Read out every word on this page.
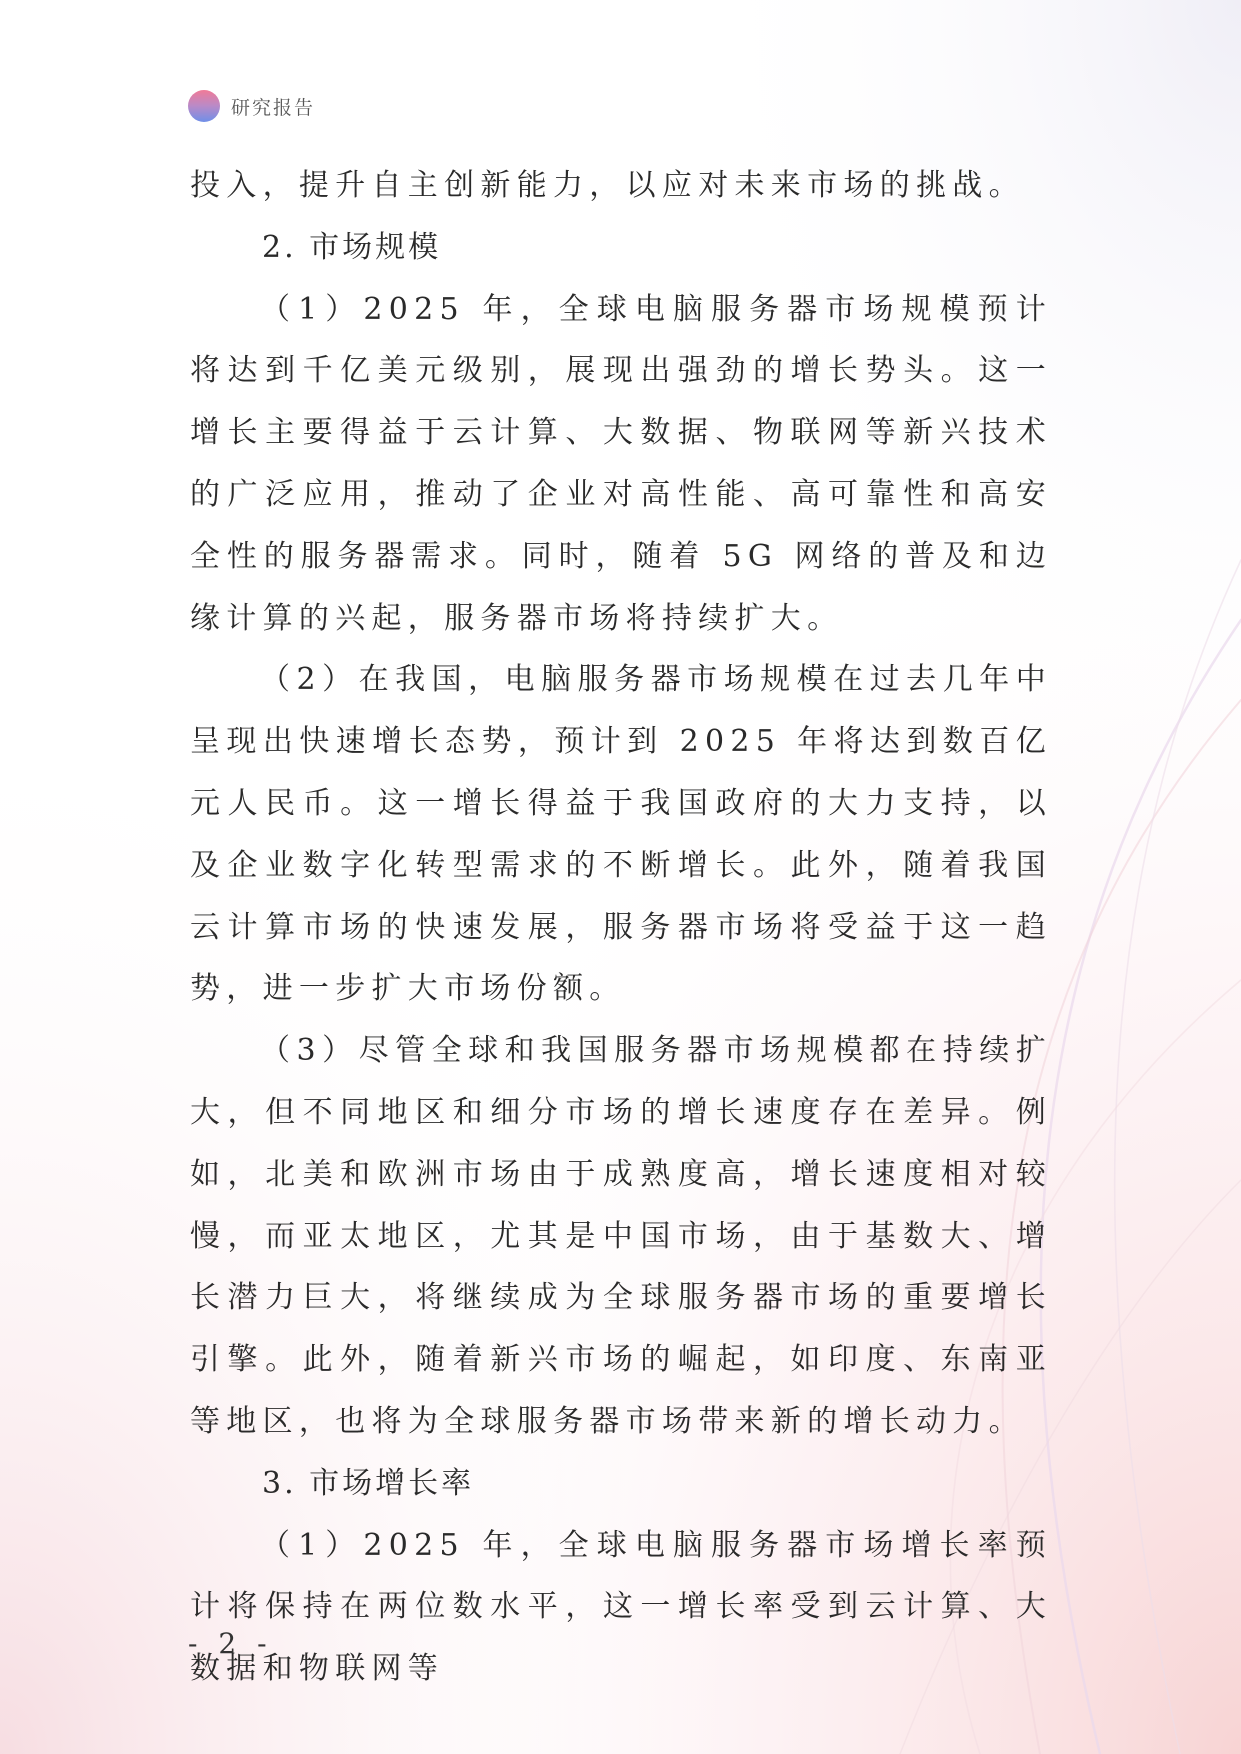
研究报告

投入，提升自主创新能力，以应对未来市场的挑战。

2. 市场规模

（1）2025 年，全球电脑服务器市场规模预计将达到千亿美元级别，展现出强劲的增长势头。这一增长主要得益于云计算、大数据、物联网等新兴技术的广泛应用，推动了企业对高性能、高可靠性和高安全性的服务器需求。同时，随着 5G 网络的普及和边缘计算的兴起，服务器市场将持续扩大。

（2）在我国，电脑服务器市场规模在过去几年中呈现出快速增长态势，预计到 2025 年将达到数百亿元人民币。这一增长得益于我国政府的大力支持，以及企业数字化转型需求的不断增长。此外，随着我国云计算市场的快速发展，服务器市场将受益于这一趋势，进一步扩大市场份额。

（3）尽管全球和我国服务器市场规模都在持续扩大，但不同地区和细分市场的增长速度存在差异。例如，北美和欧洲市场由于成熟度高，增长速度相对较慢，而亚太地区，尤其是中国市场，由于基数大、增长潜力巨大，将继续成为全球服务器市场的重要增长引擎。此外，随着新兴市场的崛起，如印度、东南亚等地区，也将为全球服务器市场带来新的增长动力。

3. 市场增长率

（1）2025 年，全球电脑服务器市场增长率预计将保持在两位数水平，这一增长率受到云计算、大数据和物联网等

- 2 -
